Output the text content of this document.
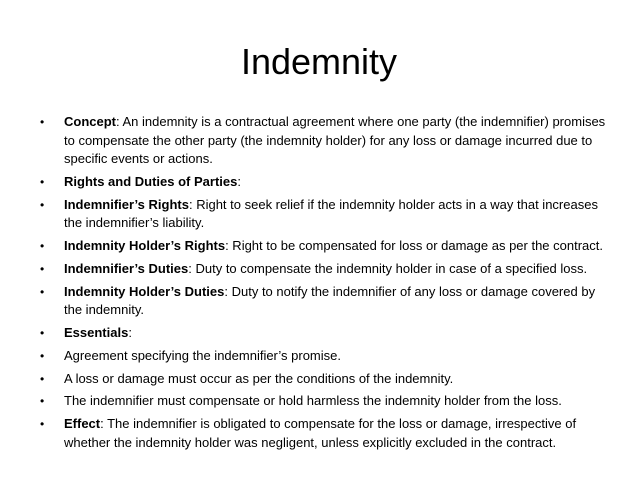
Indemnity
• Concept: An indemnity is a contractual agreement where one party (the indemnifier) promises to compensate the other party (the indemnity holder) for any loss or damage incurred due to specific events or actions.
• Rights and Duties of Parties:
• Indemnifier’s Rights: Right to seek relief if the indemnity holder acts in a way that increases the indemnifier’s liability.
• Indemnity Holder’s Rights: Right to be compensated for loss or damage as per the contract.
• Indemnifier’s Duties: Duty to compensate the indemnity holder in case of a specified loss.
• Indemnity Holder’s Duties: Duty to notify the indemnifier of any loss or damage covered by the indemnity.
• Essentials:
• Agreement specifying the indemnifier’s promise.
• A loss or damage must occur as per the conditions of the indemnity.
• The indemnifier must compensate or hold harmless the indemnity holder from the loss.
• Effect: The indemnifier is obligated to compensate for the loss or damage, irrespective of whether the indemnity holder was negligent, unless explicitly excluded in the contract.
